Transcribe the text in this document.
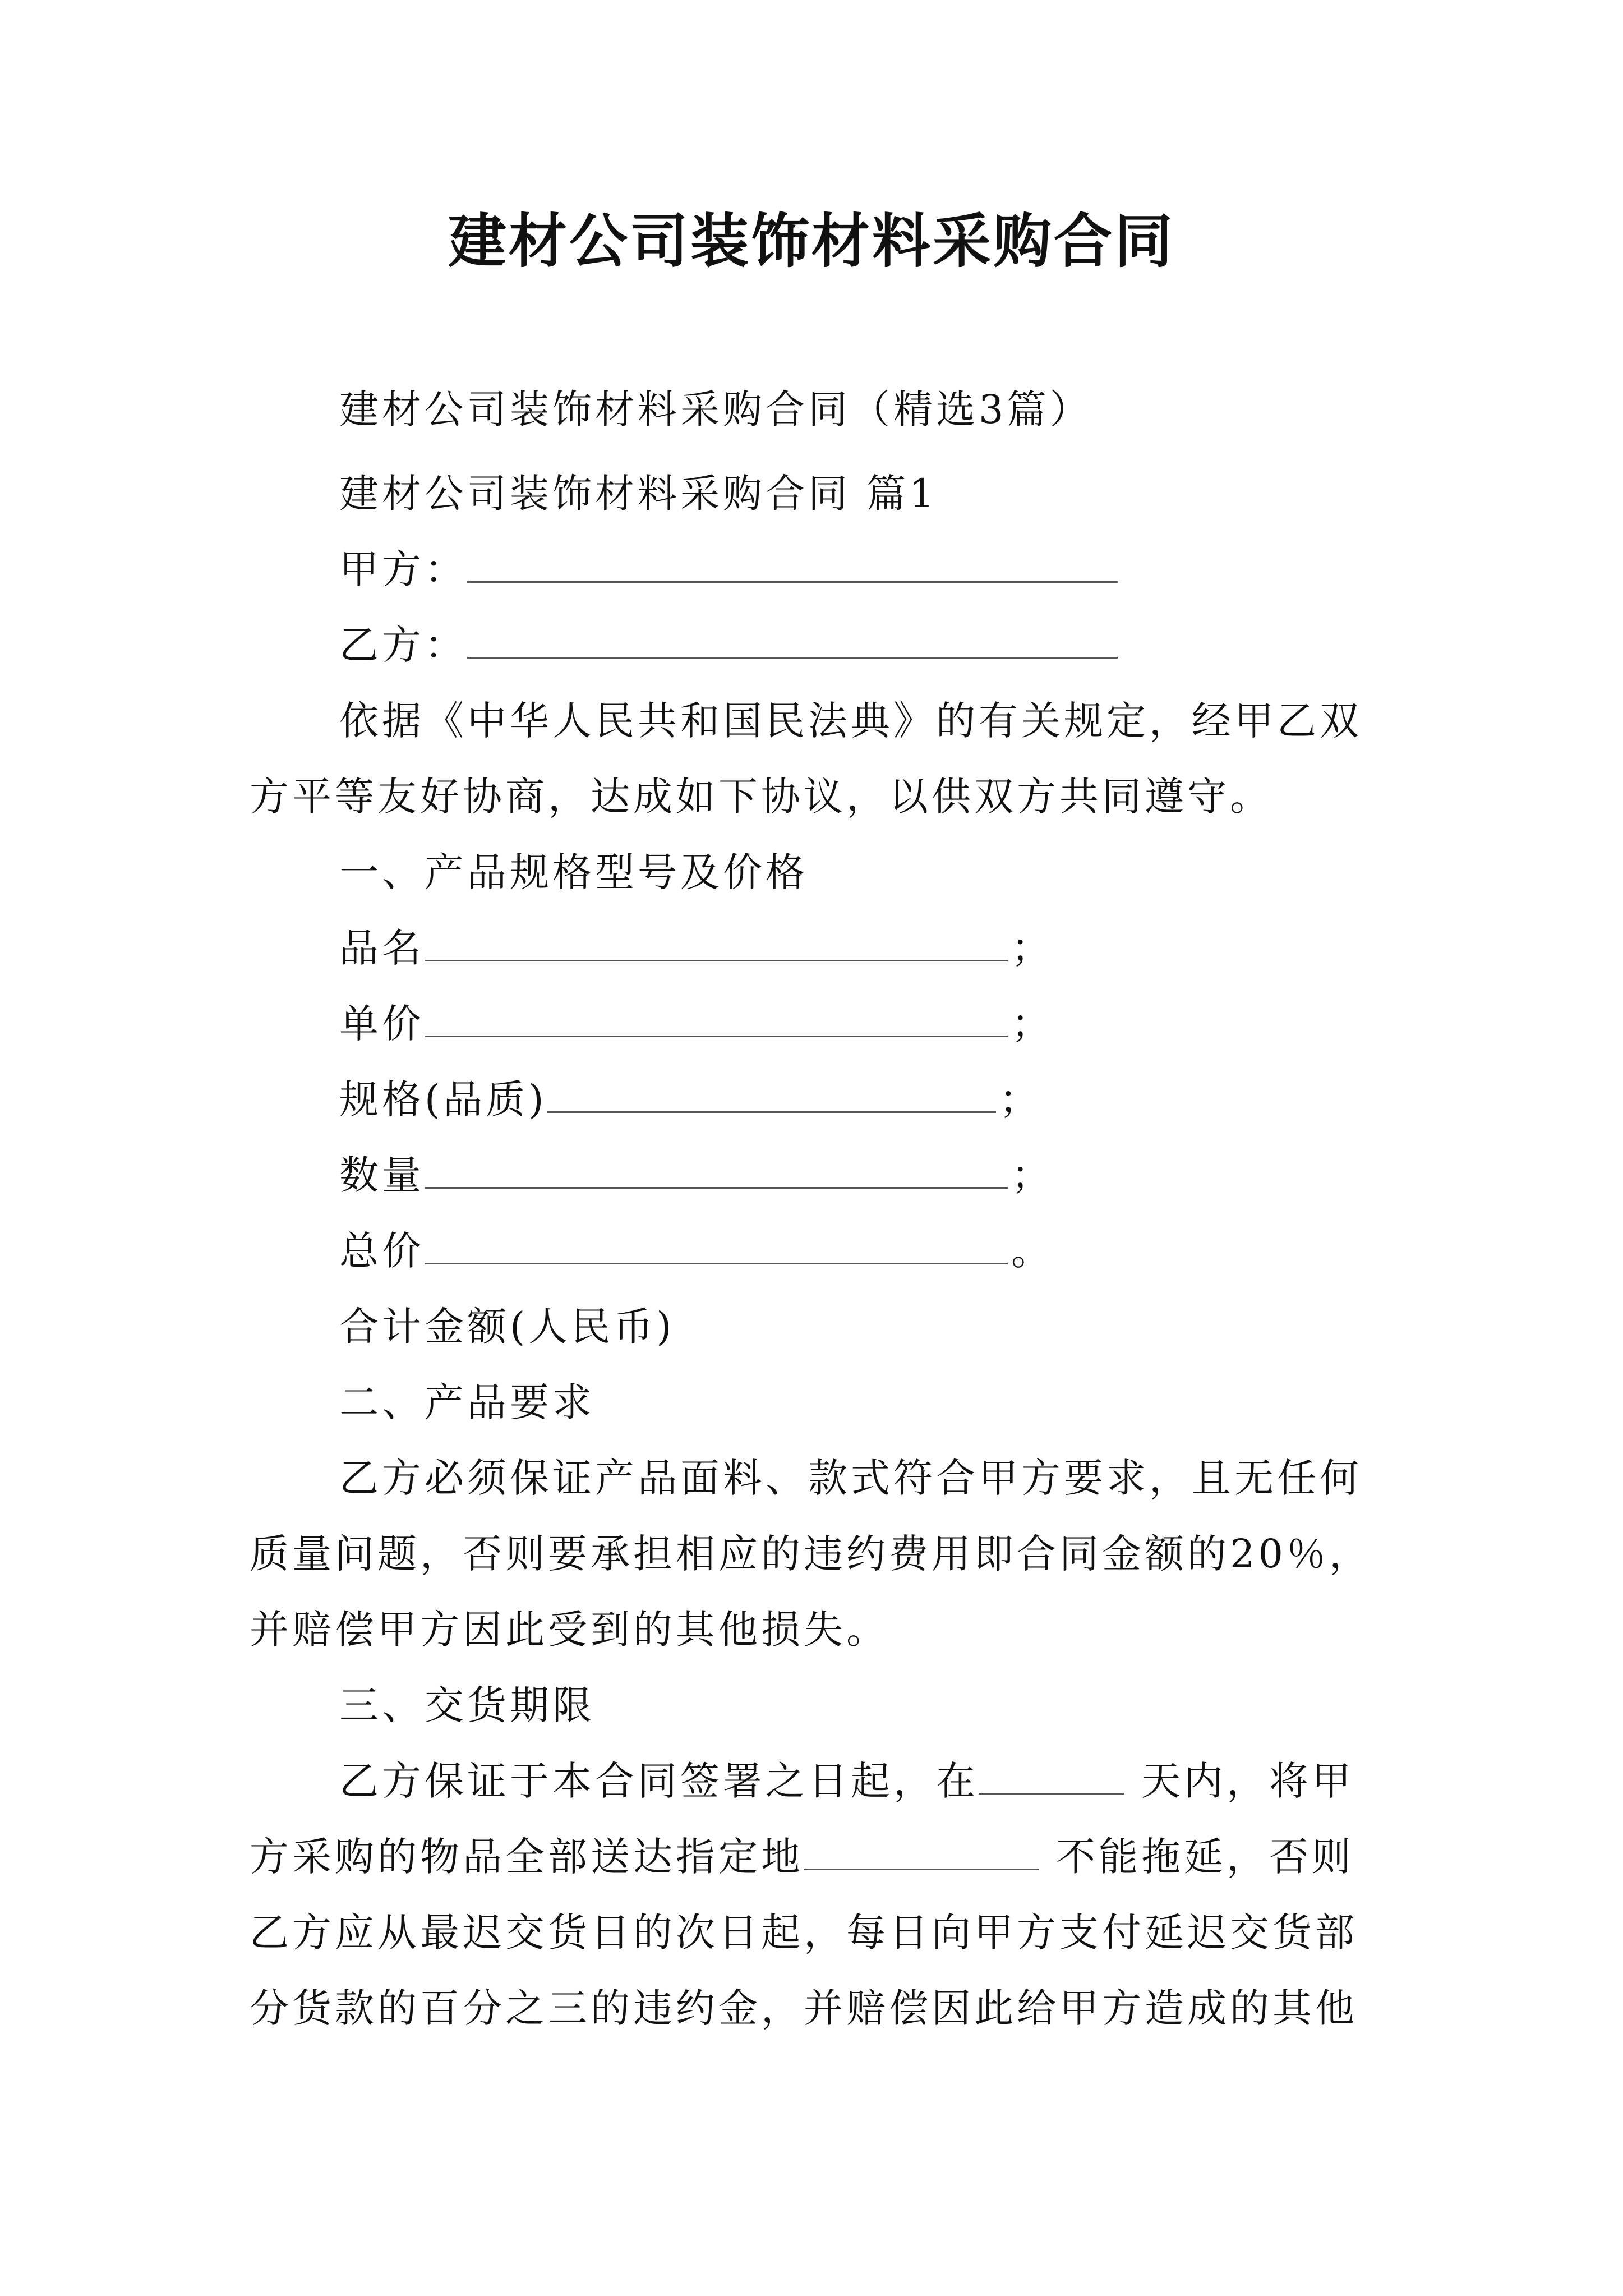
建材公司装饰材料采购合同
建材公司装饰材料采购合同（精选3篇）
建材公司装饰材料采购合同 篇1
甲方：
乙方：
依据《中华人民共和国民法典》的有关规定，经甲乙双
方平等友好协商，达成如下协议，以供双方共同遵守。
一、产品规格型号及价格
品名	；
单价	；
规格(品质)	；
数量	；
总价	。
合计金额(人民币)
二、产品要求
乙方必须保证产品面料、款式符合甲方要求，且无任何
质量问题，否则要承担相应的违约费用即合同金额的20％，
并赔偿甲方因此受到的其他损失。
三、交货期限
乙方保证于本合同签署之日起，在	天内，将甲
方采购的物品全部送达指定地	不能拖延，否则
乙方应从最迟交货日的次日起，每日向甲方支付延迟交货部
分货款的百分之三的违约金，并赔偿因此给甲方造成的其他
